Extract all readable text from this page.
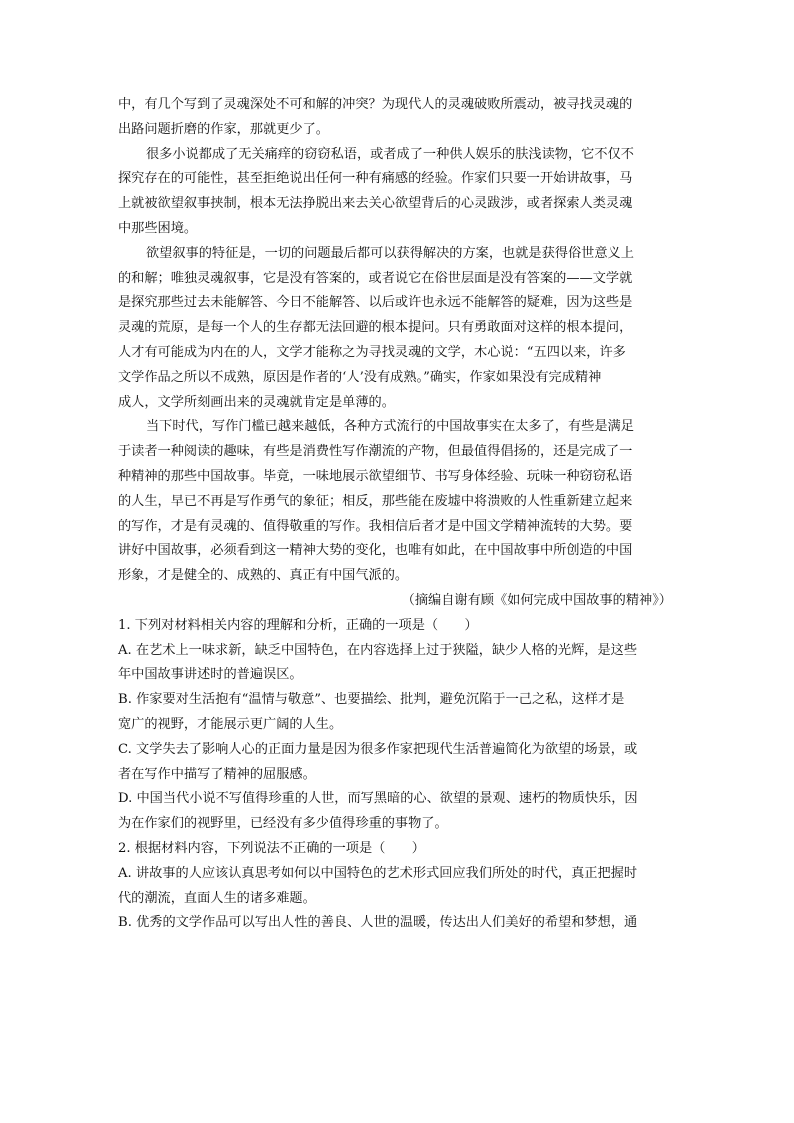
中，有几个写到了灵魂深处不可和解的冲突？为现代人的灵魂破败所震动，被寻找灵魂的
出路问题折磨的作家，那就更少了。
很多小说都成了无关痛痒的窃窃私语，或者成了一种供人娱乐的肤浅读物，它不仅不
探究存在的可能性，甚至拒绝说出任何一种有痛感的经验。作家们只要一开始讲故事，马
上就被欲望叙事挟制，根本无法挣脱出来去关心欲望背后的心灵跋涉，或者探索人类灵魂
中那些困境。
欲望叙事的特征是，一切的问题最后都可以获得解决的方案，也就是获得俗世意义上
的和解；唯独灵魂叙事，它是没有答案的，或者说它在俗世层面是没有答案的——文学就
是探究那些过去未能解答、今日不能解答、以后或许也永远不能解答的疑难，因为这些是
灵魂的荒原，是每一个人的生存都无法回避的根本提问。只有勇敢面对这样的根本提问，
人才有可能成为内在的人，文学才能称之为寻找灵魂的文学，木心说：“五四以来，许多
文学作品之所以不成熟，原因是作者的‘人’没有成熟。”确实，作家如果没有完成精神
成人，文学所刻画出来的灵魂就肯定是单薄的。
当下时代，写作门槛已越来越低，各种方式流行的中国故事实在太多了，有些是满足
于读者一种阅读的趣味，有些是消费性写作潮流的产物，但最值得倡扬的，还是完成了一
种精神的那些中国故事。毕竟，一味地展示欲望细节、书写身体经验、玩味一种窃窃私语
的人生，早已不再是写作勇气的象征；相反，那些能在废墟中将溃败的人性重新建立起来
的写作，才是有灵魂的、值得敬重的写作。我相信后者才是中国文学精神流转的大势。要
讲好中国故事，必须看到这一精神大势的变化，也唯有如此，在中国故事中所创造的中国
形象，才是健全的、成熟的、真正有中国气派的。
（摘编自谢有顾《如何完成中国故事的精神》）
1. 下列对材料相关内容的理解和分析，正确的一项是（　　）
A. 在艺术上一味求新，缺乏中国特色，在内容选择上过于狭隘，缺少人格的光辉，是这些
年中国故事讲述时的普遍误区。
B. 作家要对生活抱有“温情与敬意”、也要描绘、批判，避免沉陷于一己之私，这样才是
宽广的视野，才能展示更广阔的人生。
C. 文学失去了影响人心的正面力量是因为很多作家把现代生活普遍简化为欲望的场景，或
者在写作中描写了精神的屈服感。
D. 中国当代小说不写值得珍重的人世，而写黑暗的心、欲望的景观、速朽的物质快乐，因
为在作家们的视野里，已经没有多少值得珍重的事物了。
2. 根据材料内容，下列说法不正确的一项是（　　）
A. 讲故事的人应该认真思考如何以中国特色的艺术形式回应我们所处的时代，真正把握时
代的潮流，直面人生的诸多难题。
B. 优秀的文学作品可以写出人性的善良、人世的温暖，传达出人们美好的希望和梦想，通
